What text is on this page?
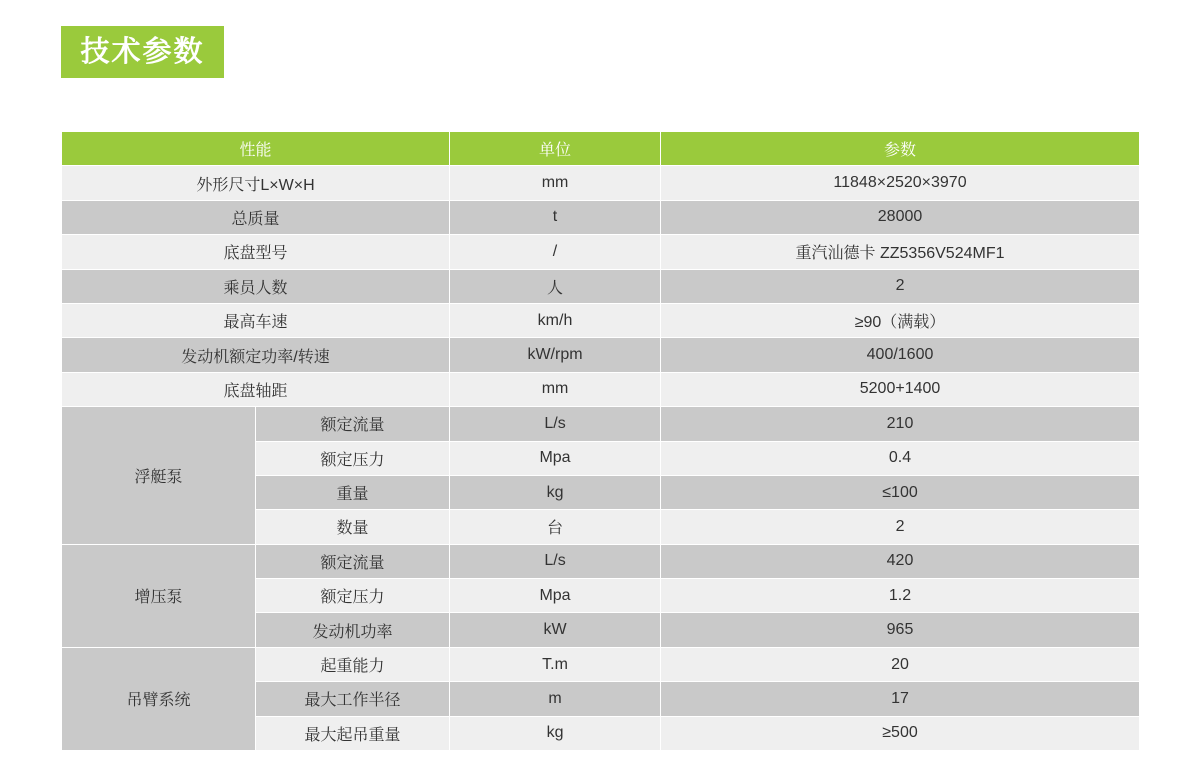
技术参数
性能		单位	参数
外形尺寸L×W×H		mm	11848×2520×3970
总质量		t	28000
底盘型号		/	重汽汕德卡 ZZ5356V524MF1
乘员人数		人	2
最高车速		km/h	≥90（满载）
发动机额定功率/转速		kW/rpm	400/1600
底盘轴距		mm	5200+1400
浮艇泵	额定流量	L/s	210
	额定压力	Mpa	0.4
	重量	kg	≤100
	数量	台	2
增压泵	额定流量	L/s	420
	额定压力	Mpa	1.2
	发动机功率	kW	965
吊臂系统	起重能力	T.m	20
	最大工作半径	m	17
	最大起吊重量	kg	≥500
